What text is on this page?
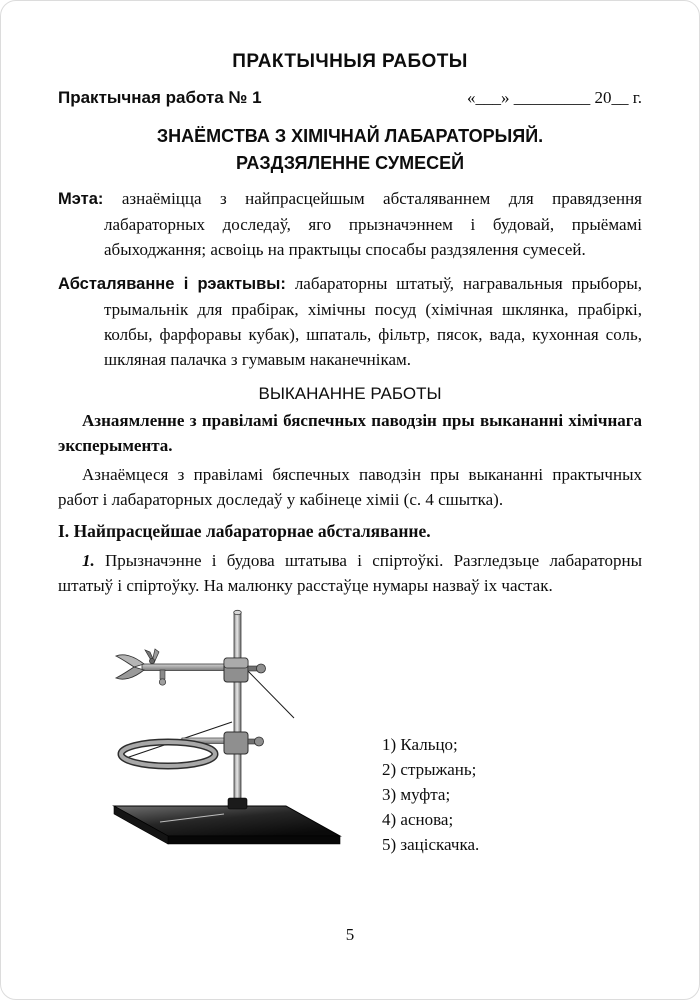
ПРАКТЫЧНЫЯ РАБОТЫ
Практычная работа № 1	«___» _________ 20__ г.
ЗНАЁМСТВА З ХІМІЧНАЙ ЛАБАРАТОРЫЯЙ.
РАЗДЗЯЛЕННЕ СУМЕСЕЙ

Мэта: азнаёміцца з найпрасцейшым абсталяваннем для правядзення лабараторных доследаў, яго прызначэннем і будовай, прыёмамі абыходжання; асвоіць на практыцы спосабы раздзялення сумесей.

Абсталяванне і рэактывы: лабараторны штатыў, награвальныя прыборы, трымальнік для прабірак, хімічны посуд (хімічная шклянка, прабіркі, колбы, фарфоравы кубак), шпаталь, фільтр, пясок, вада, кухонная соль, шкляная палачка з гумавым наканечнікам.

ВЫКАНАННЕ РАБОТЫ

Азнаямленне з правіламі бяспечных паводзін пры выкананні хімічнага эксперымента.

Азнаёмцеся з правіламі бяспечных паводзін пры выкананні практычных работ і лабараторных доследаў у кабінеце хіміі (с. 4 сшытка).

I. Найпрасцейшае лабараторнае абсталяванне.

1. Прызначэнне і будова штатыва і спіртоўкі. Разгледзьце лабараторны штатыў і спіртоўку. На малюнку расстаўце нумары назваў іх частак.

1) Кальцо;
2) стрыжань;
3) муфта;
4) аснова;
5) заціскачка.
5
